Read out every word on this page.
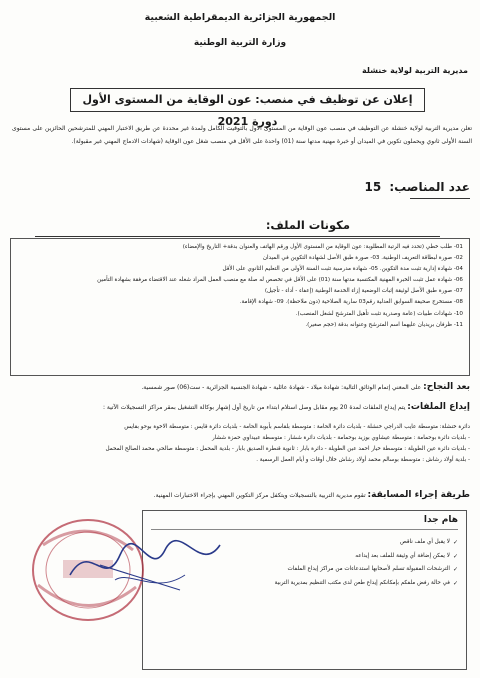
الجمهورية الجزائرية الديمقراطية الشعبية
وزارة التربية الوطنية
مديرية التربية لولاية خنشلة
إعلان عن توظيف في منصب: عون الوقاية من المستوى الأول دورة 2021
تعلن مديرية التربية لولاية خنشلة عن التوظيف في منصب عون الوقاية من المستوى الأول بالتوقيت الكامل ولمدة غير محددة عن طريق الاختبار المهني للمترشحين الحائزين على مستوى السنة الأولى ثانوي ويحملون تكوين في الميدان أو خبرة مهنية مدتها سنة (01) واحدة على الأقل في منصب شغل عون الوقاية (شهادات الادماج المهني غير مقبولة).
عدد المناصب: 15
مكونات الملف:
01- طلب خطي (تحدد فيه الرتبة المطلوبة: عون الوقاية من المستوى الأول ورقم الهاتف والعنوان بدقة+ التاريخ والإمضاء)
02- صورة لبطاقة التعريف الوطنية. 03- صورة طبق الأصل لشهادة التكوين في الميدان
04- شهادة إدارية تثبت مدة التكوين. 05- شهادة مدرسية تثبت السنة الأولى من التعليم الثانوي على الأقل
06- شهادة عمل تثبت الخبرة المهنية المكتسبة مدتها سنة (01) على الأقل في تخصص له صلة مع منصب العمل المراد شغله عند الاقتضاء مرفقة بشهادة التأمين
07- صورة طبق الأصل لوثيقة إثبات الوضعية إزاء الخدمة الوطنية (إعفاء - أداء - تأجيل)
08- مستخرج صحيفة السوابق العدلية رقم03 سارية الصلاحية (دون ملاحظة). 09- شهادة الإقامة.
10- شهادات طبيات (عامة وصدرية تثبت تأهيل المترشح لشغل المنصب).
11- ظرفان بريديان عليهما اسم المترشح وعنوانه بدقة (حجم صغير).
بعد النجاح: على المعني إتمام الوثائق التالية: شهادة ميلاد - شهادة عائلية - شهادة الجنسية الجزائرية - ست(06) صور شمسية.
إيداع الملفات: يتم إيداع الملفات لمدة 20 يوم مقابل وصل استلام ابتداء من تاريخ أول إشهار بوكالة التشغيل بمقر مراكز التسجيلات الآتية :
دائرة خنشلة: متوسطة عايب الدراجي خنشلة - بلديات دائرة الحامة : متوسطة بلقاسم بأبوبة الحامة - بلديات دائرة قايس : متوسطة الاخوة بوحو بقايس
- بلديات دائرة بوحمامة : متوسطة عيشاوي بوزيد بوحمامة - بلديات دائرة ششار : متوسطة عبيداوي حمزة ششار
- بلديات دائرة عين الطويلة : متوسطة خيار احمد عين الطويلة - دائرة بابار : ثانوية قنطرة الصديق بابار - بلدية المحمل : متوسطة صالحي محمد الصالح المحمل
- بلدية أولاد رشاش : متوسطة بوسالم محمد أولاد رشاش خلال أوقات و أيام العمل الرسمية .
طريقة إجراء المسابقة: تقوم مديرية التربية بالتسجيلات ويتكفل مركز التكوين المهني بإجراء الاختبارات المهنية.
هام جدا
✓
لا يقبل أي ملف ناقص
✓
لا يمكن إضافة أي وثيقة للملف بعد إيداعه
✓
الترشحات المقبولة تسلم لأصحابها استدعاءات من مراكز إيداع الملفات
✓
في حالة رفض ملفكم بإمكانكم إيداع طعن لدى مكتب التنظيم بمديرية التربية
